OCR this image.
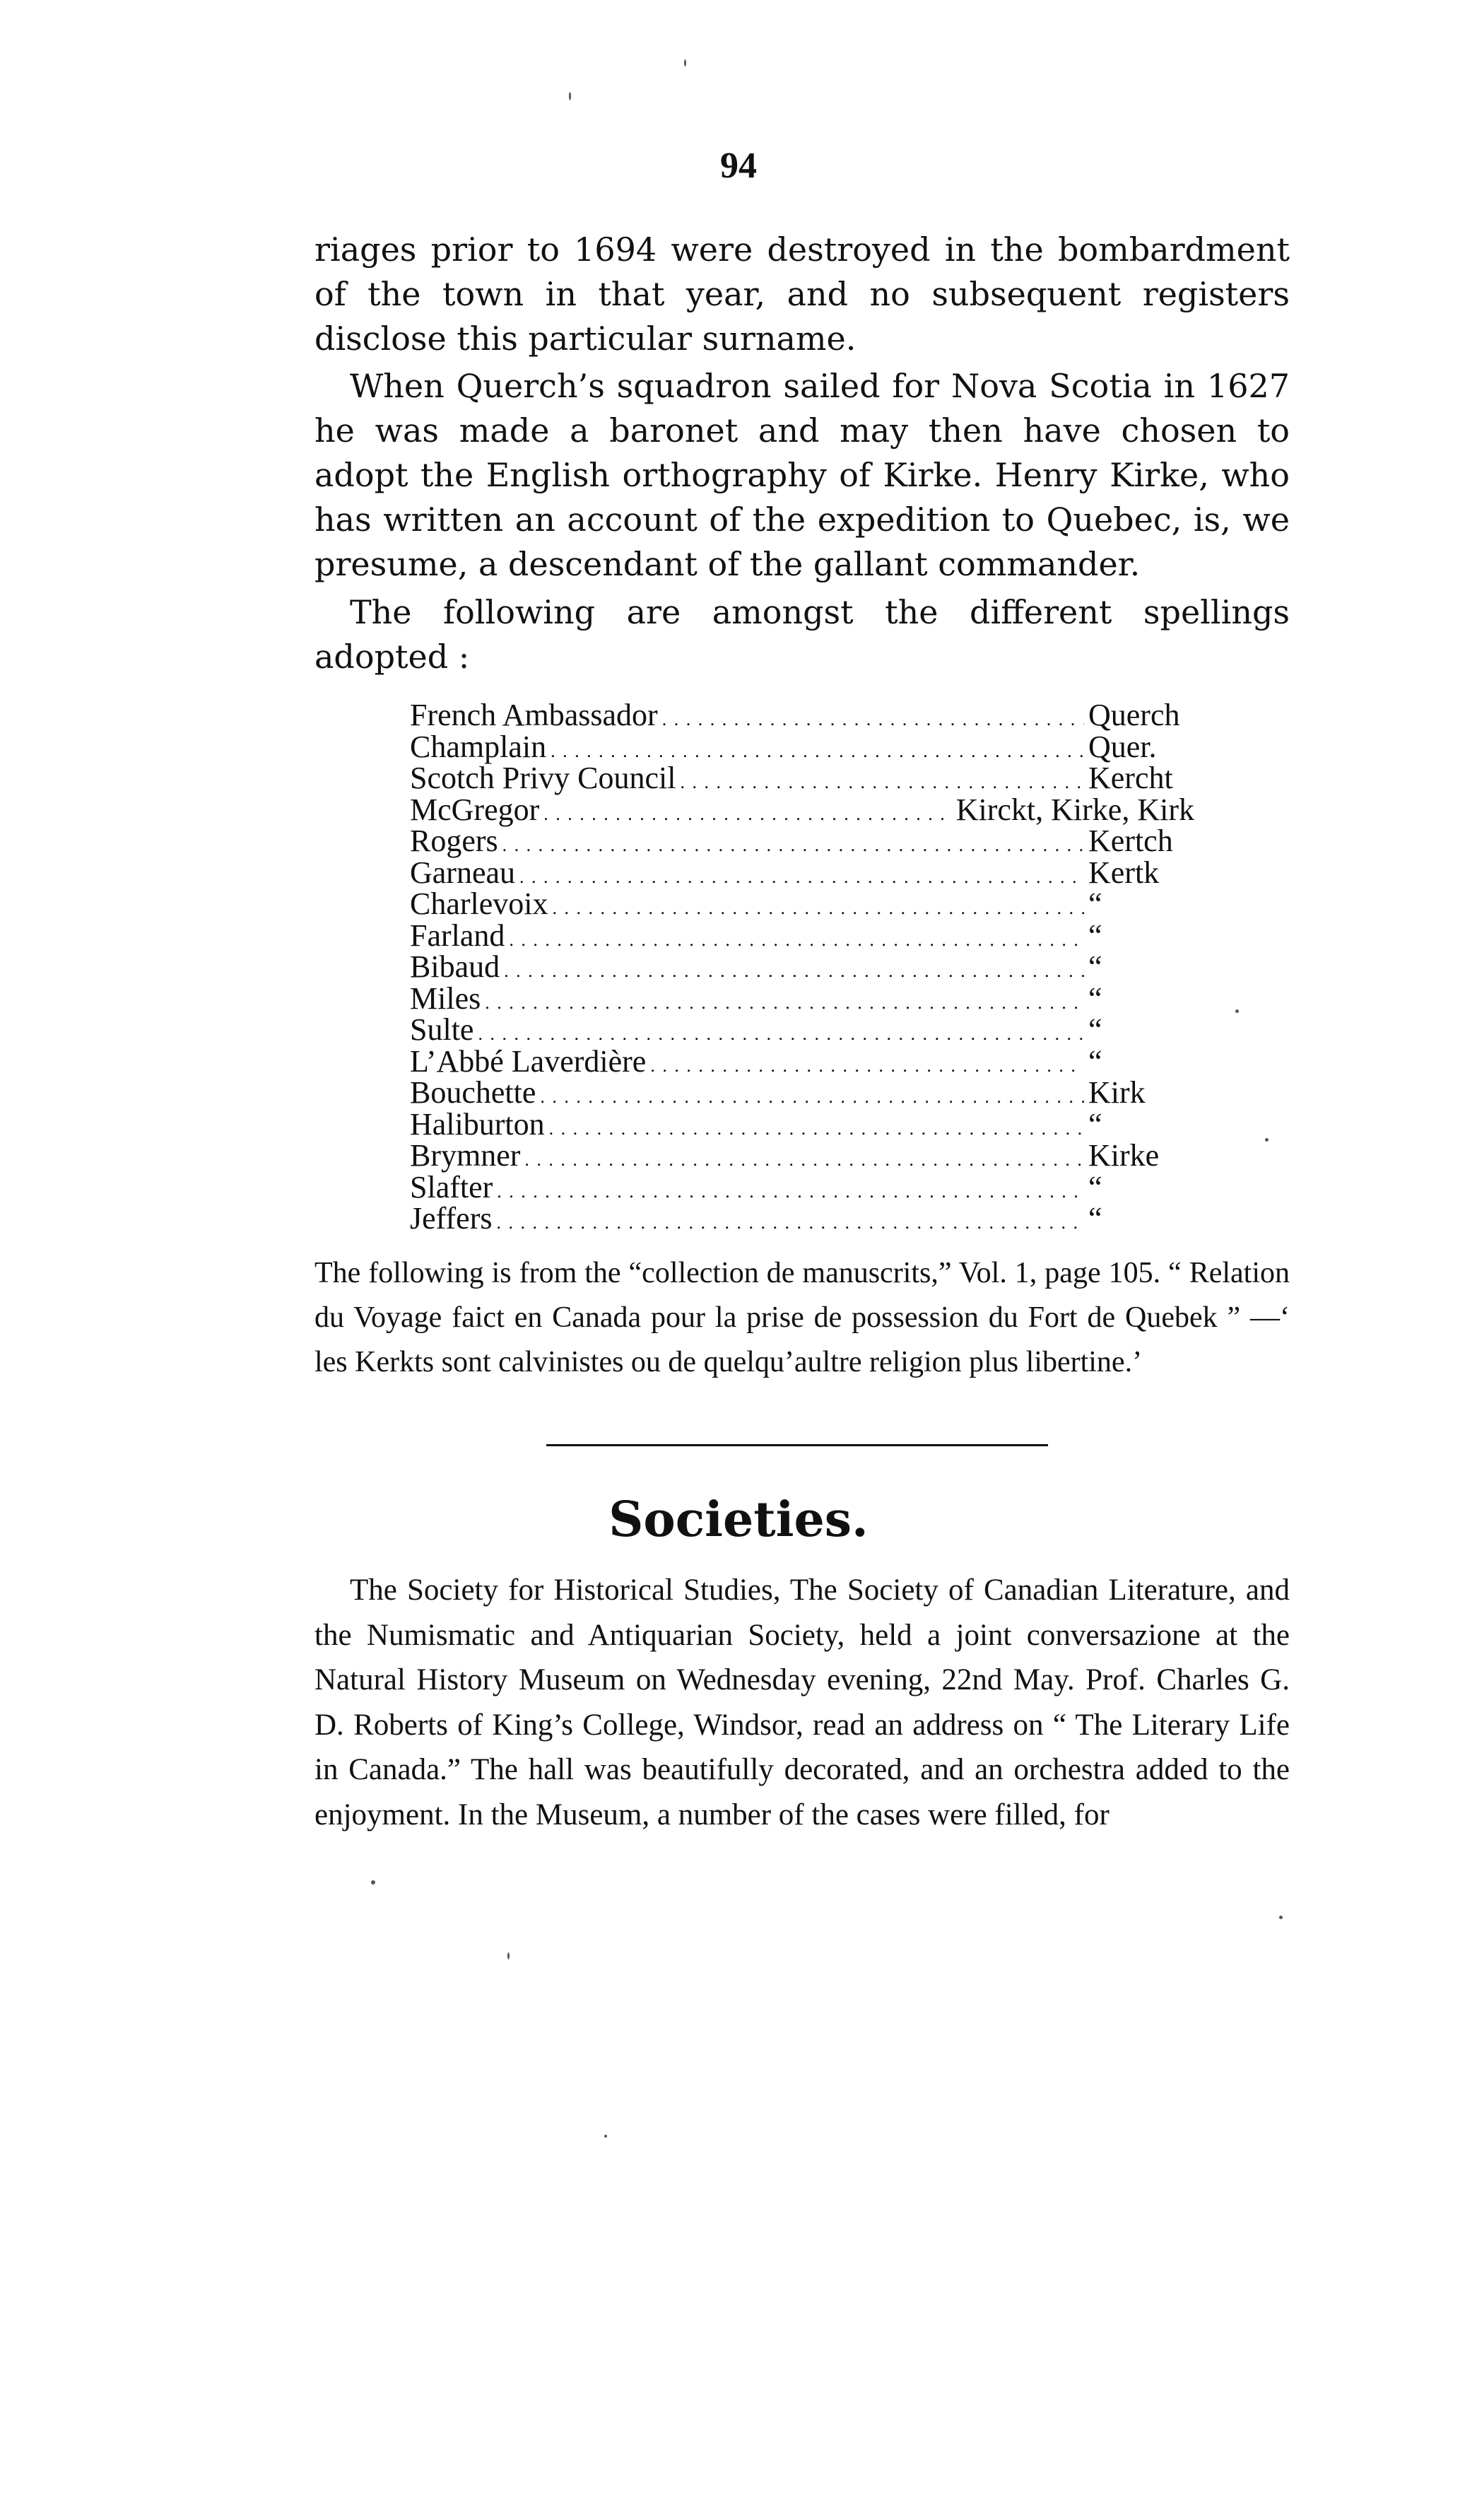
94

riages prior to 1694 were destroyed in the bombardment of the town in that year, and no subsequent registers disclose this particular surname.

When Querch’s squadron sailed for Nova Scotia in 1627 he was made a baronet and may then have chosen to adopt the English orthography of Kirke. Henry Kirke, who has written an account of the expedition to Quebec, is, we presume, a descendant of the gallant commander.

The following are amongst the different spellings adopted :

French Ambassador . . .	Querch
Champlain . . .	Quer.
Scotch Privy Council . . .	Kercht
McGregor . . .	Kirckt, Kirke, Kirk
Rogers . . .	Kertch
Garneau . . .	Kertk
Charlevoix . . .	“
Farland . . .	“
Bibaud . . .	“
Miles . . .	“
Sulte . . .	“
L’Abbé Laverdière . . .	“
Bouchette . . .	Kirk
Haliburton . . .	“
Brymner . . .	Kirke
Slafter . . .	“
Jeffers . . .	“

The following is from the “collection de manuscrits,” Vol. 1, page 105. “ Relation du Voyage faict en Canada pour la prise de possession du Fort de Quebek ” —‘ les Kerkts sont calvinistes ou de quelqu’aultre religion plus libertine.’

Societies.

The Society for Historical Studies, The Society of Canadian Literature, and the Numismatic and Antiquarian Society, held a joint conversazione at the Natural History Museum on Wednesday evening, 22nd May. Prof. Charles G. D. Roberts of King’s College, Windsor, read an address on “ The Literary Life in Canada.” The hall was beautifully decorated, and an orchestra added to the enjoyment. In the Museum, a number of the cases were filled, for
